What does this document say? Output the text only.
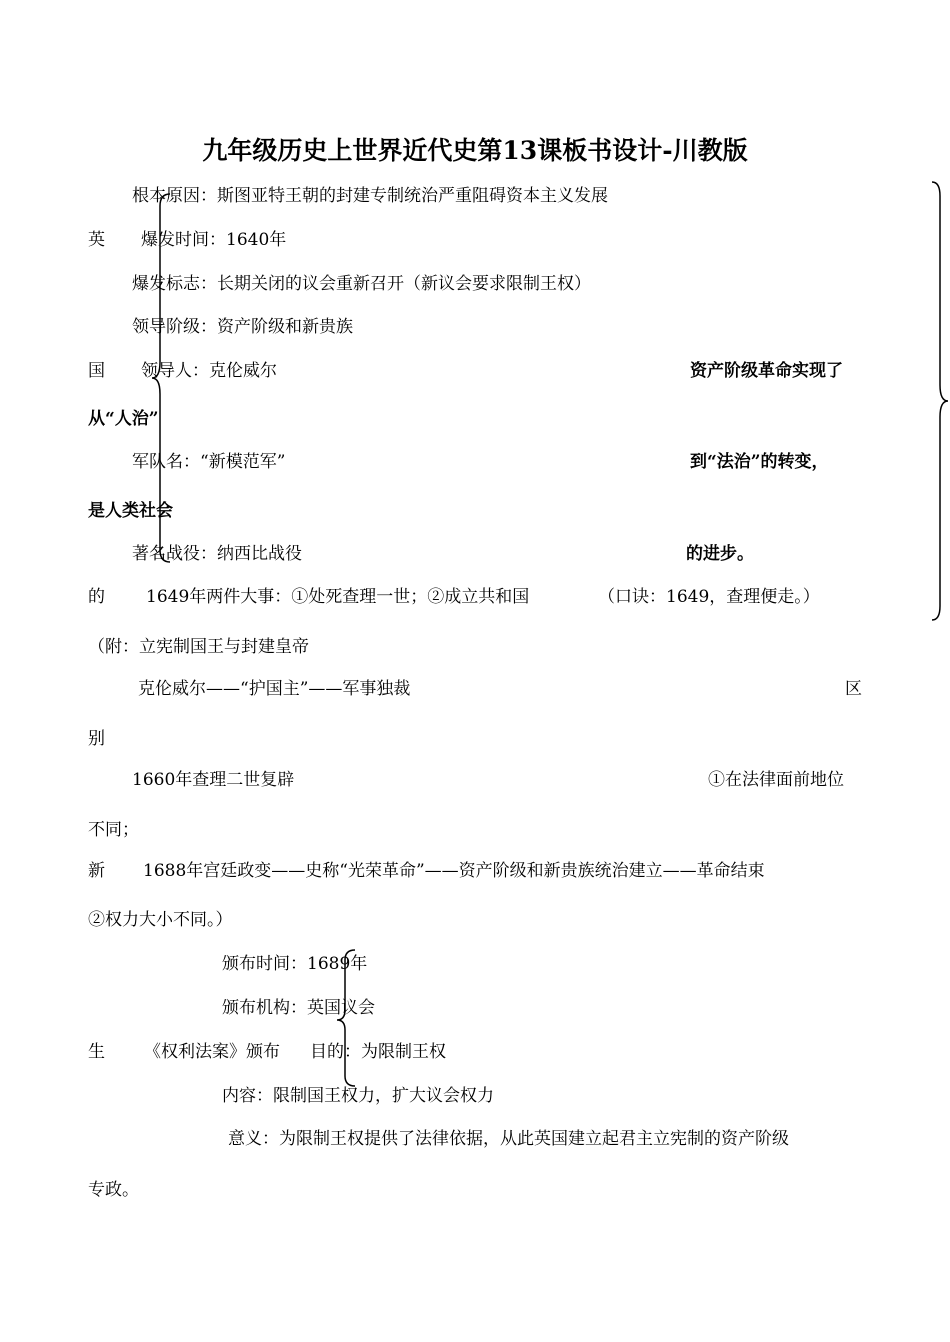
九年级历史上世界近代史第13课板书设计-川教版
根本原因：斯图亚特王朝的封建专制统治严重阻碍资本主义发展
英 爆发时间：1640年
爆发标志：长期关闭的议会重新召开（新议会要求限制王权）
领导阶级：资产阶级和新贵族
国 领导人：克伦威尔	资产阶级革命实现了
从“人治”
军队名：“新模范军”	到“法治”的转变，
是人类社会
著名战役：纳西比战役	的进步。
的 1649年两件大事：①处死查理一世；②成立共和国	（口诀：1649，查理便走。）
（附：立宪制国王与封建皇帝
克伦威尔——“护国主”——军事独裁	区
别
1660年查理二世复辟	①在法律面前地位
不同；
新 1688年宫廷政变——史称“光荣革命”——资产阶级和新贵族统治建立——革命结束
②权力大小不同。）
颁布时间：1689年
颁布机构：英国议会
生 《权利法案》颁布 目的：为限制王权
内容：限制国王权力，扩大议会权力
意义：为限制王权提供了法律依据，从此英国建立起君主立宪制的资产阶级
专政。
